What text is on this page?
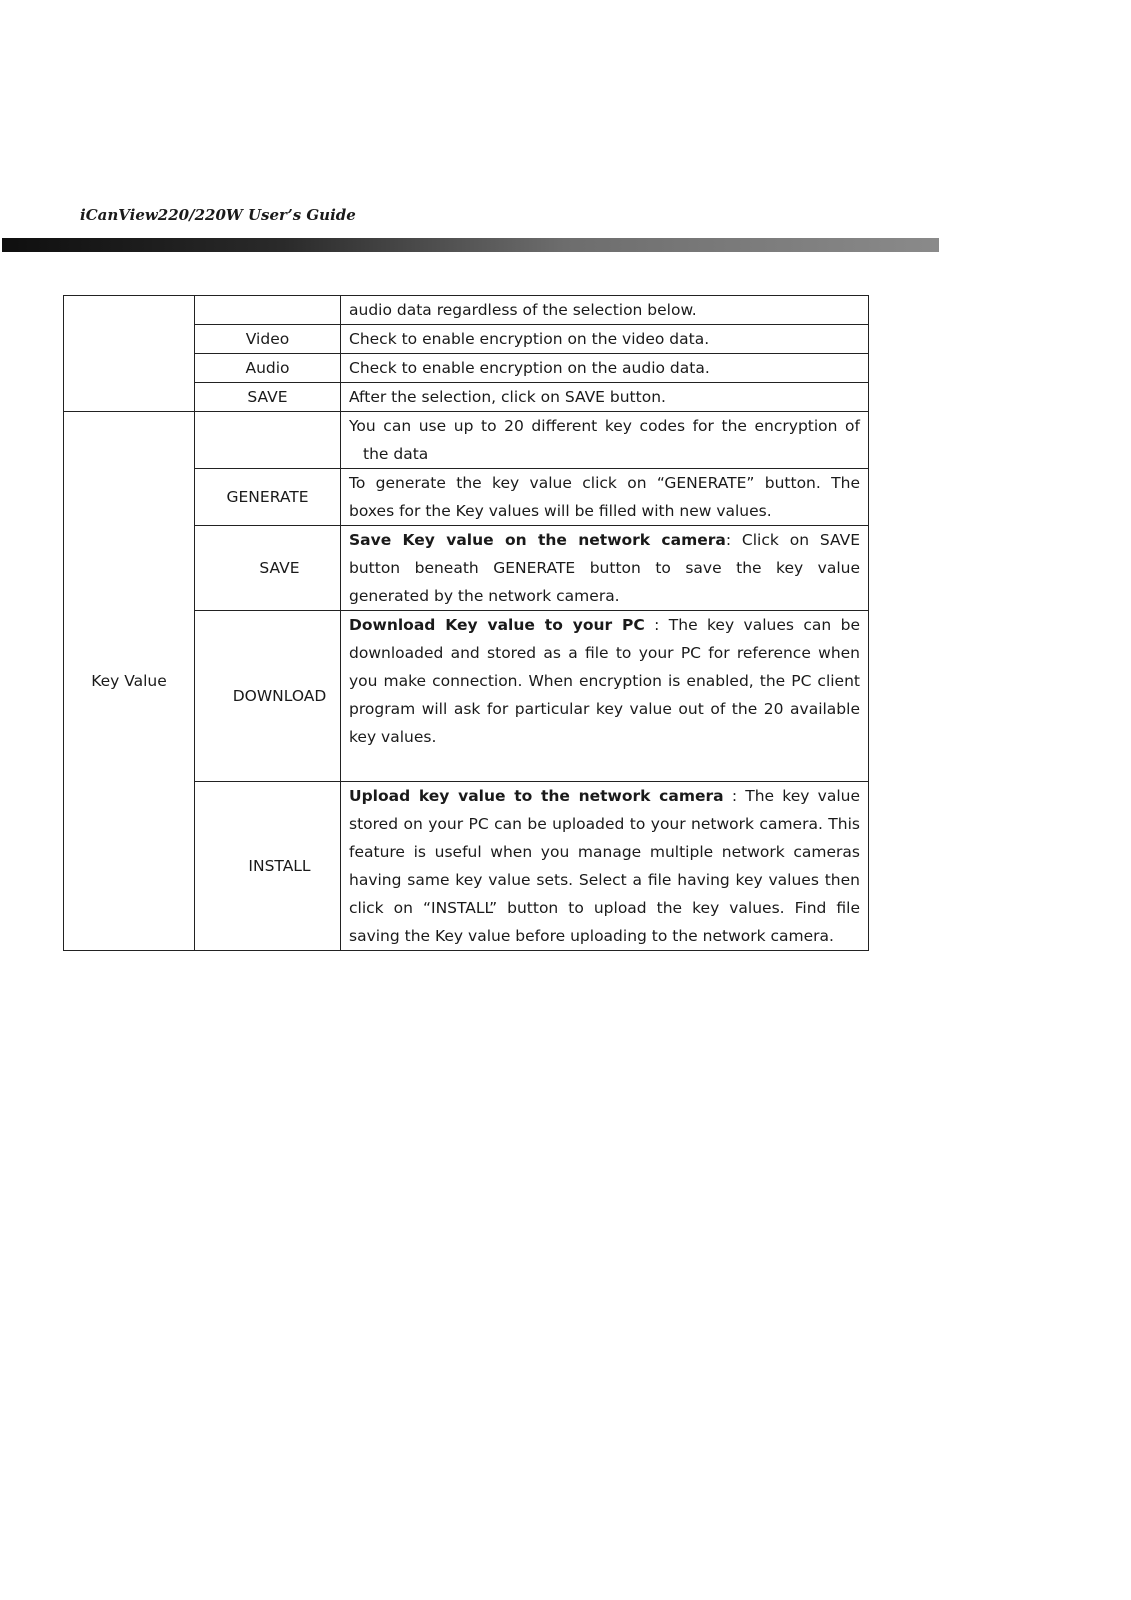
iCanView220/220W User’s Guide
		audio data regardless of the selection below.
	Video	Check to enable encryption on the video data.
	Audio	Check to enable encryption on the audio data.
	SAVE	After the selection, click on SAVE button.
Key Value		You can use up to 20 different key codes for the encryption of
the data

	GENERATE	To generate the key value click on “GENERATE” button. The boxes for the Key values will be filled with new values.
	SAVE	Save Key value on the network camera: Click on SAVE button beneath GENERATE button to save the key value generated by the network camera.
	DOWNLOAD	Download Key value to your PC : The key values can be downloaded and stored as a file to your PC for reference when you make connection. When encryption is enabled, the PC client program will ask for particular key value out of the 20 available key values.
	INSTALL	Upload key value to the network camera : The key value stored on your PC can be uploaded to your network camera. This feature is useful when you manage multiple network cameras having same key value sets. Select a file having key values then click on “INSTALL” button to upload the key values. Find file saving the Key value before uploading to the network camera.
